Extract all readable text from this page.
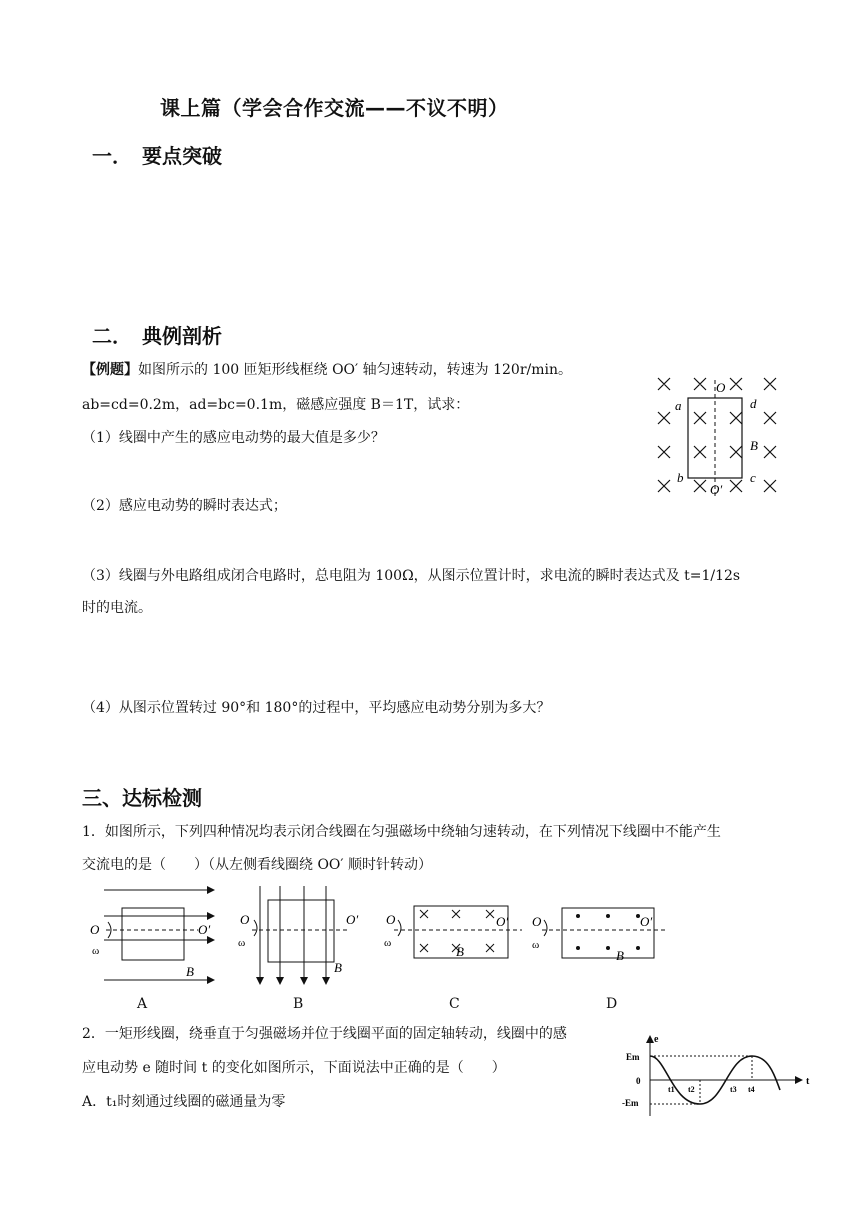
课上篇（学会合作交流——不议不明）
一．　要点突破
二．　典例剖析
【例题】如图所示的 100 匝矩形线框绕 OO′ 轴匀速转动，转速为 120r/min。
ab=cd=0.2m，ad=bc=0.1m，磁感应强度 B＝1T，试求：
（1）线圈中产生的感应电动势的最大值是多少？
（2）感应电动势的瞬时表达式；
（3）线圈与外电路组成闭合电路时，总电阻为 100Ω，从图示位置计时，求电流的瞬时表达式及 t=1/12s
时的电流。
（4）从图示位置转过 90°和 180°的过程中，平均感应电动势分别为多大？
O
O′
a	d
b	c
B
三、达标检测
1．如图所示，下列四种情况均表示闭合线圈在匀强磁场中绕轴匀速转动，在下列情况下线圈中不能产生
交流电的是（　　）（从左侧看线圈绕 OO′ 顺时针转动）
O	O′
ω
B
O	O′
ω
B
O	O′
ω
B
O	O′
ω
B
A	B	C	D
2．一矩形线圈，绕垂直于匀强磁场并位于线圈平面的固定轴转动，线圈中的感
应电动势 e 随时间 t 的变化如图所示，下面说法中正确的是（　　）
A．t₁时刻通过线圈的磁通量为零
e
t
Em
0
-Em
t1 t2	t3 t4
